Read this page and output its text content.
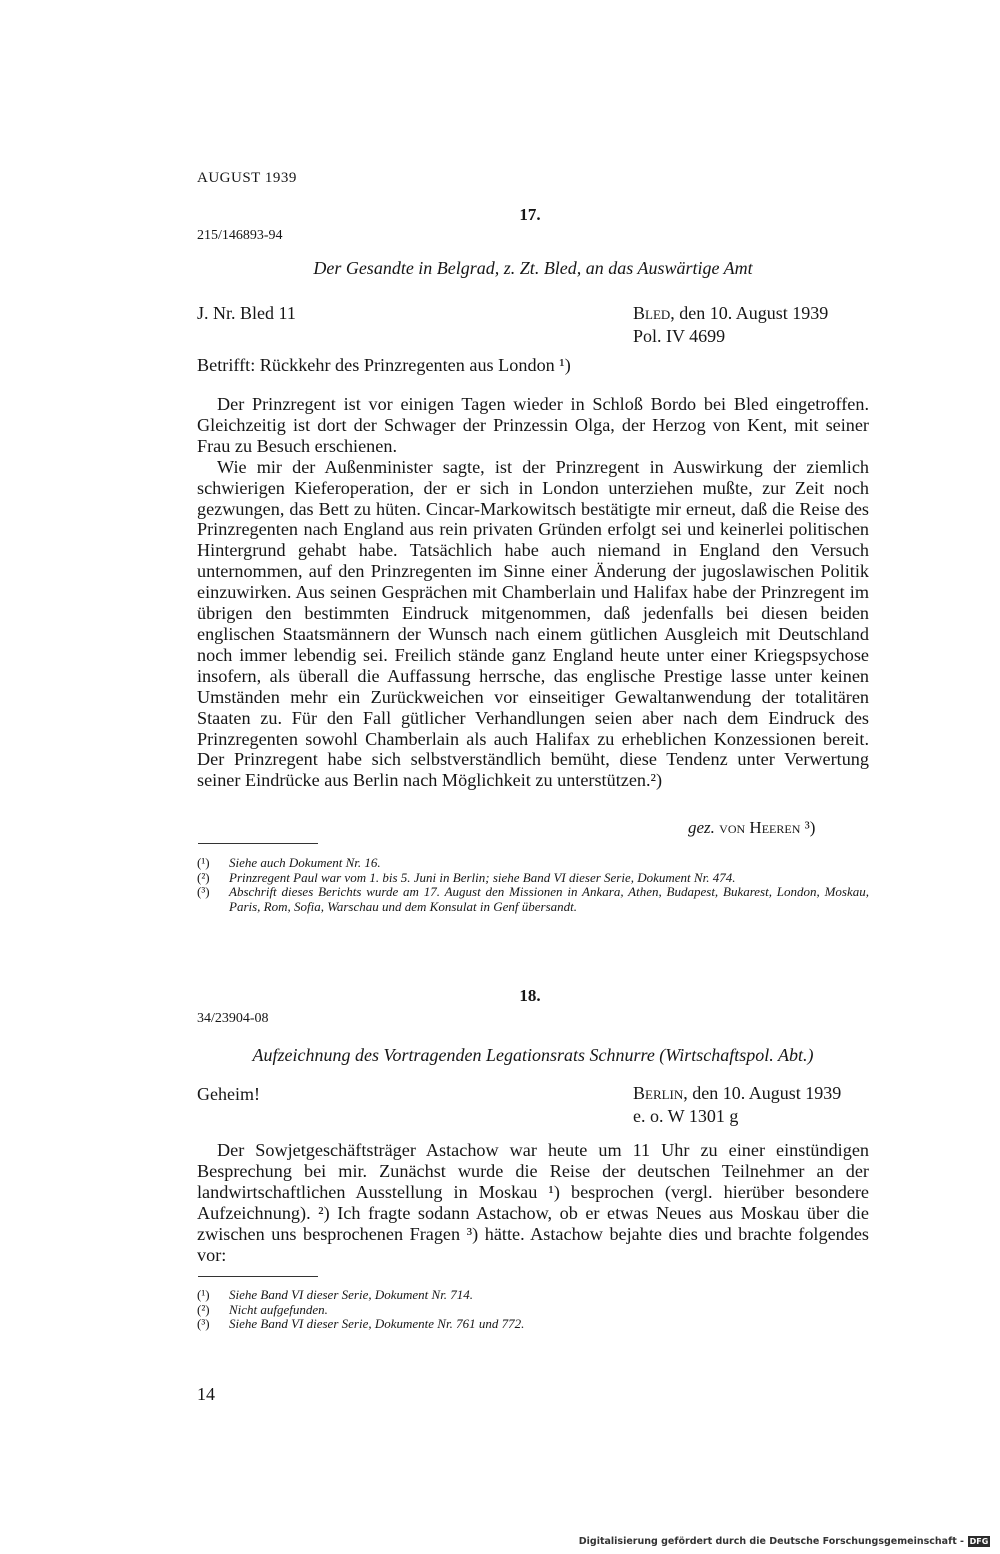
AUGUST 1939
17.
215/146893-94
Der Gesandte in Belgrad, z. Zt. Bled, an das Auswärtige Amt
J. Nr. Bled 11	Bled, den 10. August 1939
Pol. IV 4699

Betrifft: Rückkehr des Prinzregenten aus London ¹)

Der Prinzregent ist vor einigen Tagen wieder in Schloß Bordo bei Bled eingetroffen. Gleichzeitig ist dort der Schwager der Prinzessin Olga, der Herzog von Kent, mit seiner Frau zu Besuch erschienen.

Wie mir der Außenminister sagte, ist der Prinzregent in Auswirkung der ziemlich schwierigen Kieferoperation, der er sich in London unterziehen mußte, zur Zeit noch gezwungen, das Bett zu hüten. Cincar-Markowitsch bestätigte mir erneut, daß die Reise des Prinzregenten nach England aus rein privaten Gründen erfolgt sei und keinerlei politischen Hintergrund gehabt habe. Tatsächlich habe auch niemand in England den Versuch unternommen, auf den Prinzregenten im Sinne einer Änderung der jugoslawischen Politik einzuwirken. Aus seinen Gesprächen mit Chamberlain und Halifax habe der Prinzregent im übrigen den bestimmten Eindruck mitgenommen, daß jedenfalls bei diesen beiden englischen Staatsmännern der Wunsch nach einem gütlichen Ausgleich mit Deutschland noch immer lebendig sei. Freilich stände ganz England heute unter einer Kriegspsychose insofern, als überall die Auffassung herrsche, das englische Prestige lasse unter keinen Umständen mehr ein Zurückweichen vor einseitiger Gewaltanwendung der totalitären Staaten zu. Für den Fall gütlicher Verhandlungen seien aber nach dem Eindruck des Prinzregenten sowohl Chamberlain als auch Halifax zu erheblichen Konzessionen bereit. Der Prinzregent habe sich selbstverständlich bemüht, diese Tendenz unter Verwertung seiner Eindrücke aus Berlin nach Möglichkeit zu unterstützen.²)

gez. von Heeren ³)
(¹)	Siehe auch Dokument Nr. 16.
(²)	Prinzregent Paul war vom 1. bis 5. Juni in Berlin; siehe Band VI dieser Serie, Dokument Nr. 474.
(³)	Abschrift dieses Berichts wurde am 17. August den Missionen in Ankara, Athen, Budapest, Bukarest, London, Moskau, Paris, Rom, Sofia, Warschau und dem Konsulat in Genf übersandt.
18.
34/23904-08
Aufzeichnung des Vortragenden Legationsrats Schnurre (Wirtschaftspol. Abt.)
Geheim!	Berlin, den 10. August 1939
e. o. W 1301 g

Der Sowjetgeschäftsträger Astachow war heute um 11 Uhr zu einer einstündigen Besprechung bei mir. Zunächst wurde die Reise der deutschen Teilnehmer an der landwirtschaftlichen Ausstellung in Moskau ¹) besprochen (vergl. hierüber besondere Aufzeichnung). ²) Ich fragte sodann Astachow, ob er etwas Neues aus Moskau über die zwischen uns besprochenen Fragen ³) hätte. Astachow bejahte dies und brachte folgendes vor:

(¹)	Siehe Band VI dieser Serie, Dokument Nr. 714.
(²)	Nicht aufgefunden.
(³)	Siehe Band VI dieser Serie, Dokumente Nr. 761 und 772.
14
Digitalisierung gefördert durch die Deutsche Forschungsgemeinschaft - DFG
